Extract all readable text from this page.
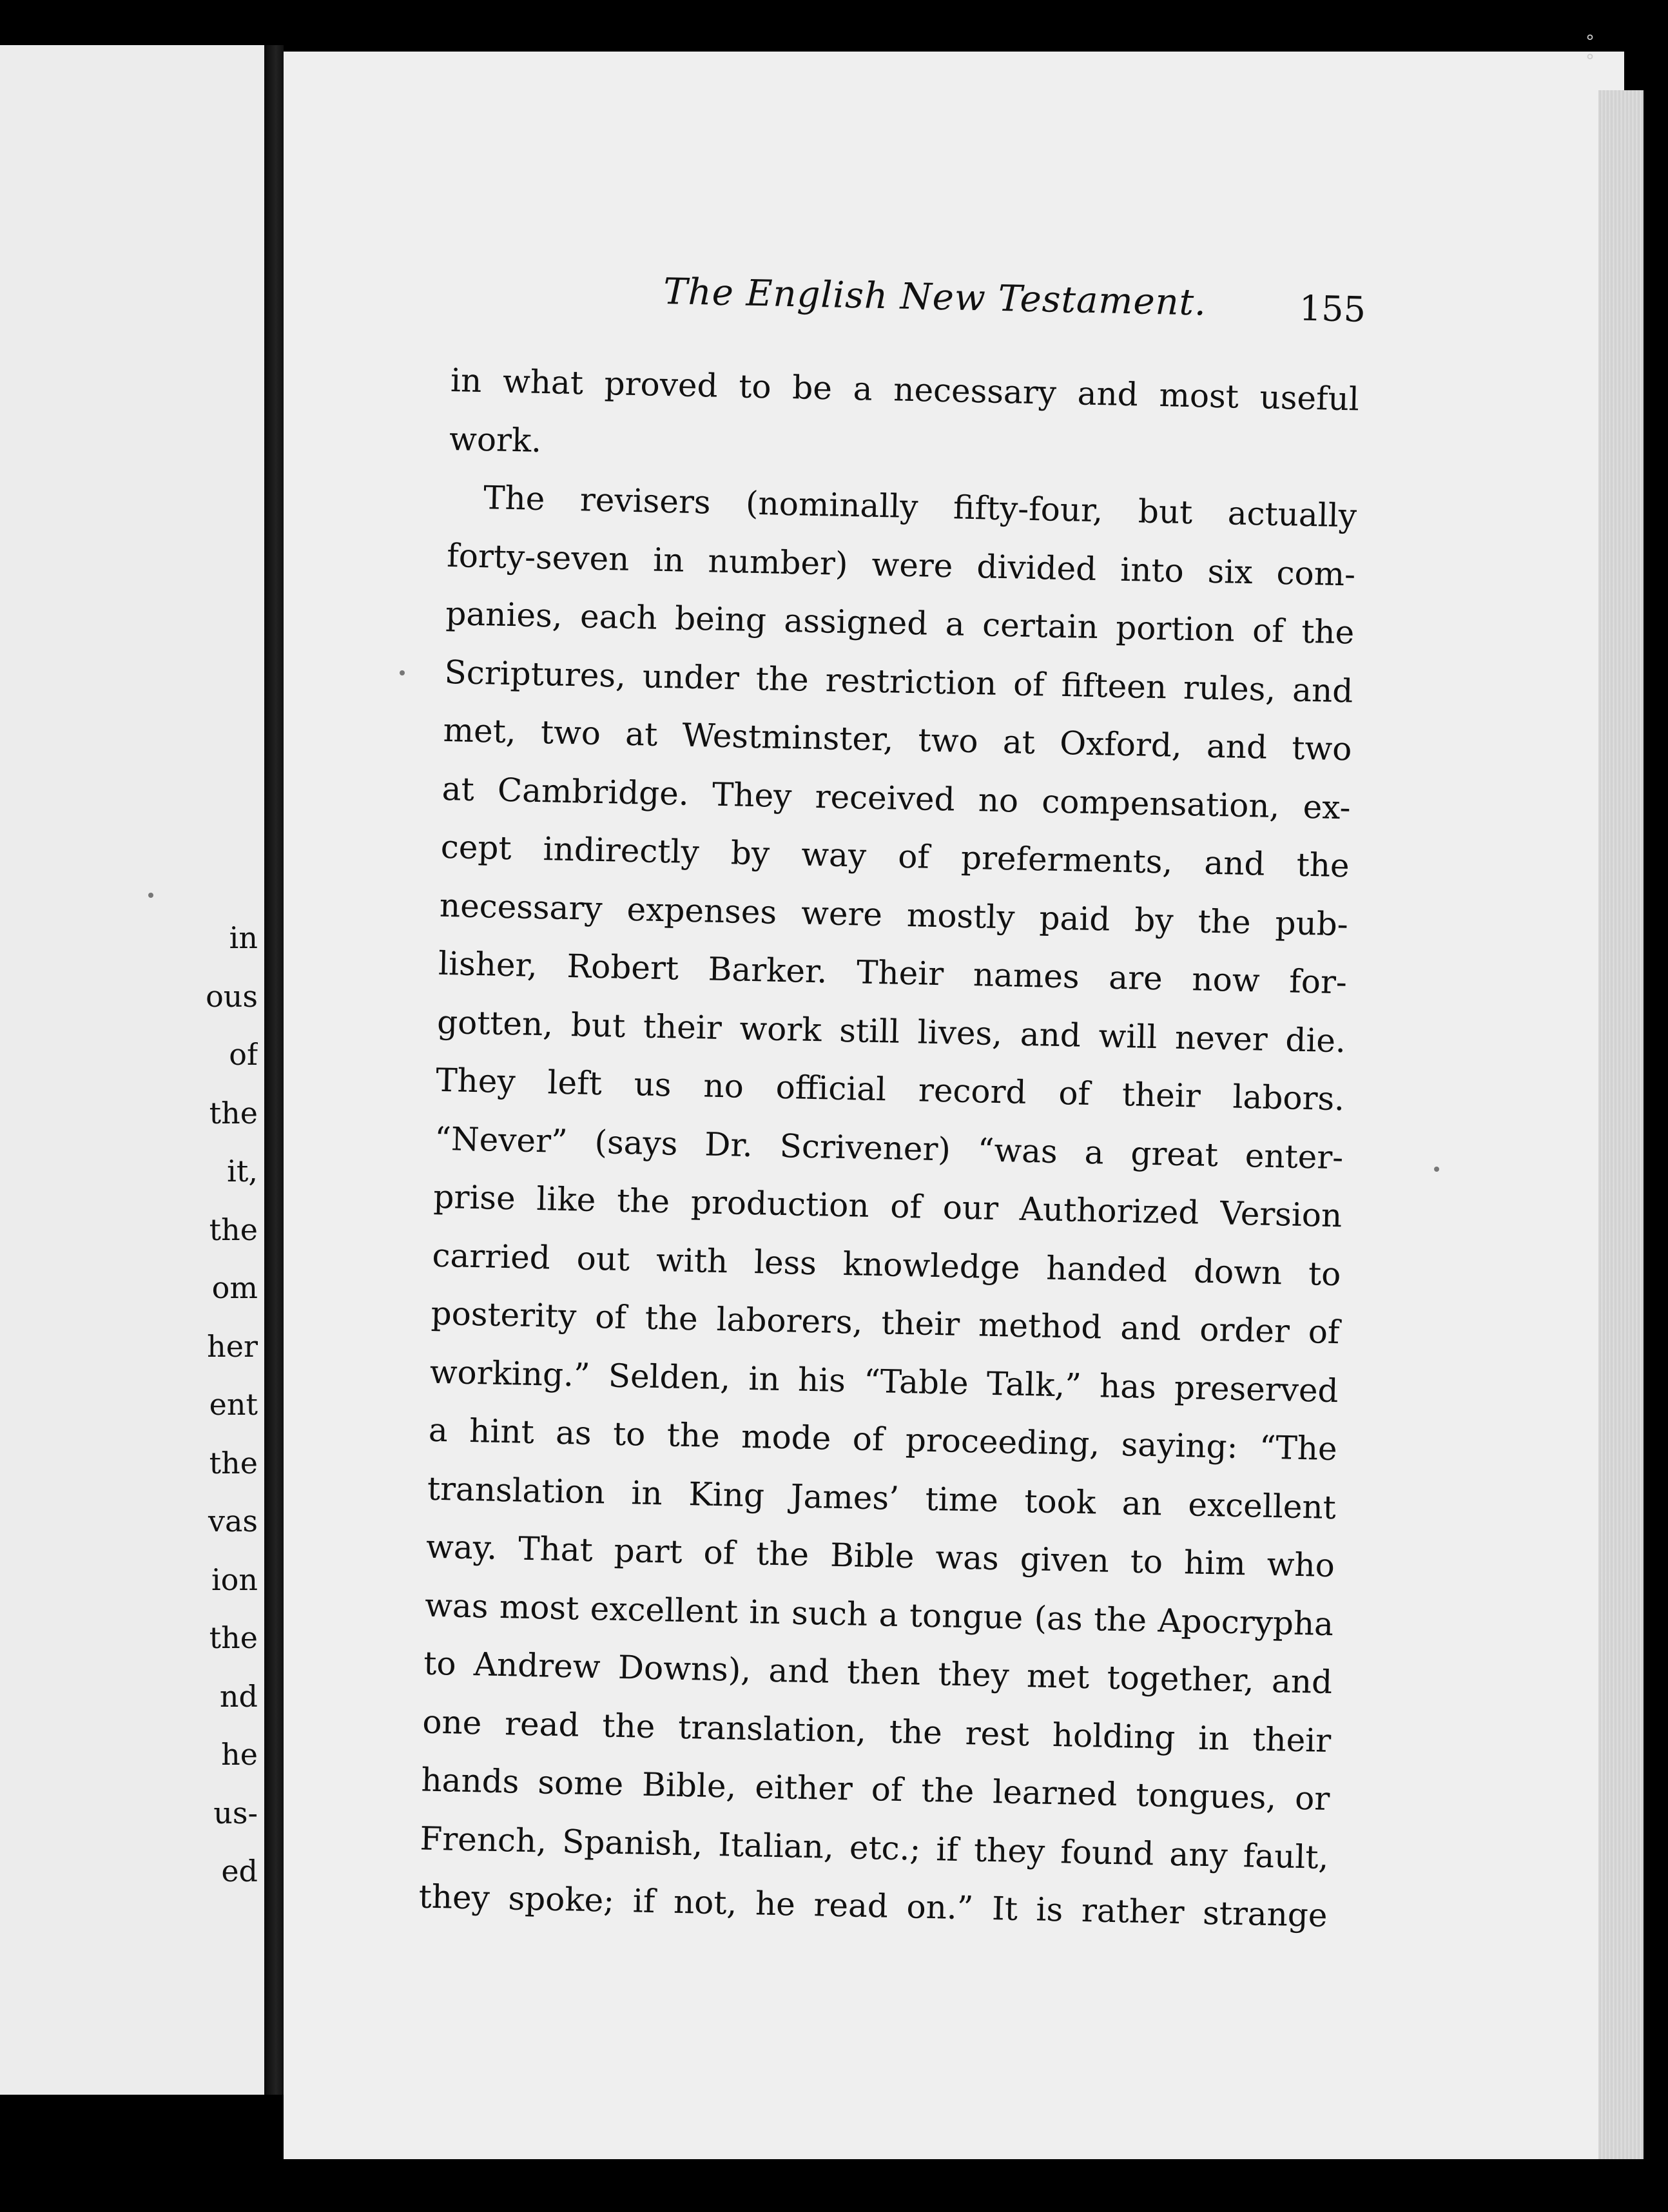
in
ous
of
the
it,
the
om
her
ent
the
vas
ion
the
nd
he
us-
ed
°
°
The English New Testament.	155

in what proved to be a necessary and most useful

work.

The revisers (nominally fifty-four, but actually

forty-seven in number) were divided into six com-

panies, each being assigned a certain portion of the

Scriptures, under the restriction of fifteen rules, and

met, two at Westminster, two at Oxford, and two

at Cambridge. They received no compensation, ex-

cept indirectly by way of preferments, and the

necessary expenses were mostly paid by the pub-

lisher, Robert Barker. Their names are now for-

gotten, but their work still lives, and will never die.

They left us no official record of their labors.

“Never” (says Dr. Scrivener) “was a great enter-

prise like the production of our Authorized Version

carried out with less knowledge handed down to

posterity of the laborers, their method and order of

working.” Selden, in his “Table Talk,” has preserved

a hint as to the mode of proceeding, saying: “The

translation in King James’ time took an excellent

way. That part of the Bible was given to him who

was most excellent in such a tongue (as the Apocrypha

to Andrew Downs), and then they met together, and

one read the translation, the rest holding in their

hands some Bible, either of the learned tongues, or

French, Spanish, Italian, etc.; if they found any fault,

they spoke; if not, he read on.” It is rather strange
